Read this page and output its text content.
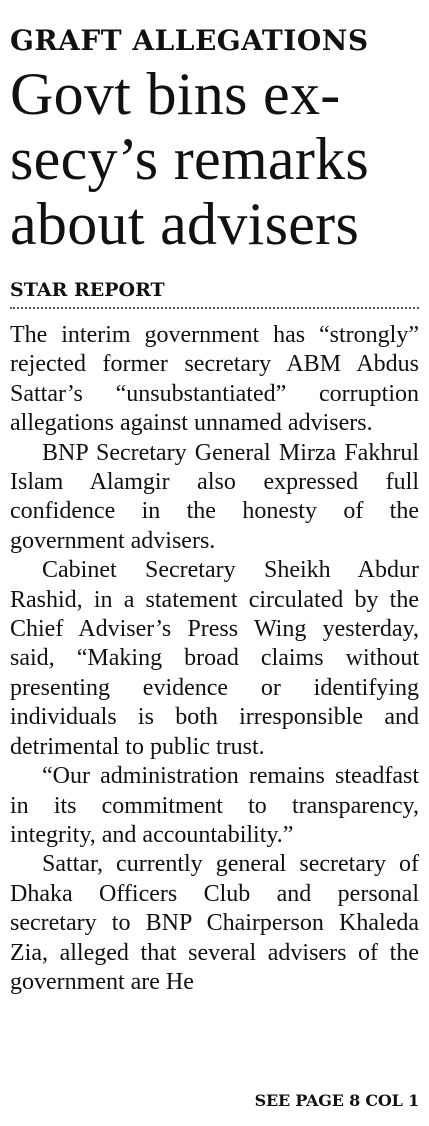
GRAFT ALLEGATIONS
Govt bins ex-
secy’s remarks
about advisers
STAR REPORT

The interim government has “strongly” rejected former secretary ABM Abdus Sattar’s “unsubstantiated” corruption allegations against unnamed advisers.

BNP Secretary General Mirza Fakhrul Islam Alamgir also expressed full confidence in the honesty of the government advisers.

Cabinet Secretary Sheikh Abdur Rashid, in a statement circulated by the Chief Adviser’s Press Wing yesterday, said, “Making broad claims without presenting evidence or identifying individuals is both irresponsible and detrimental to public trust.

“Our administration remains steadfast in its commitment to transparency, integrity, and accountability.”

Sattar, currently general secretary of Dhaka Officers Club and personal secretary to BNP Chairperson Khaleda Zia, alleged that several advisers of the government are He

SEE PAGE 8 COL 1
